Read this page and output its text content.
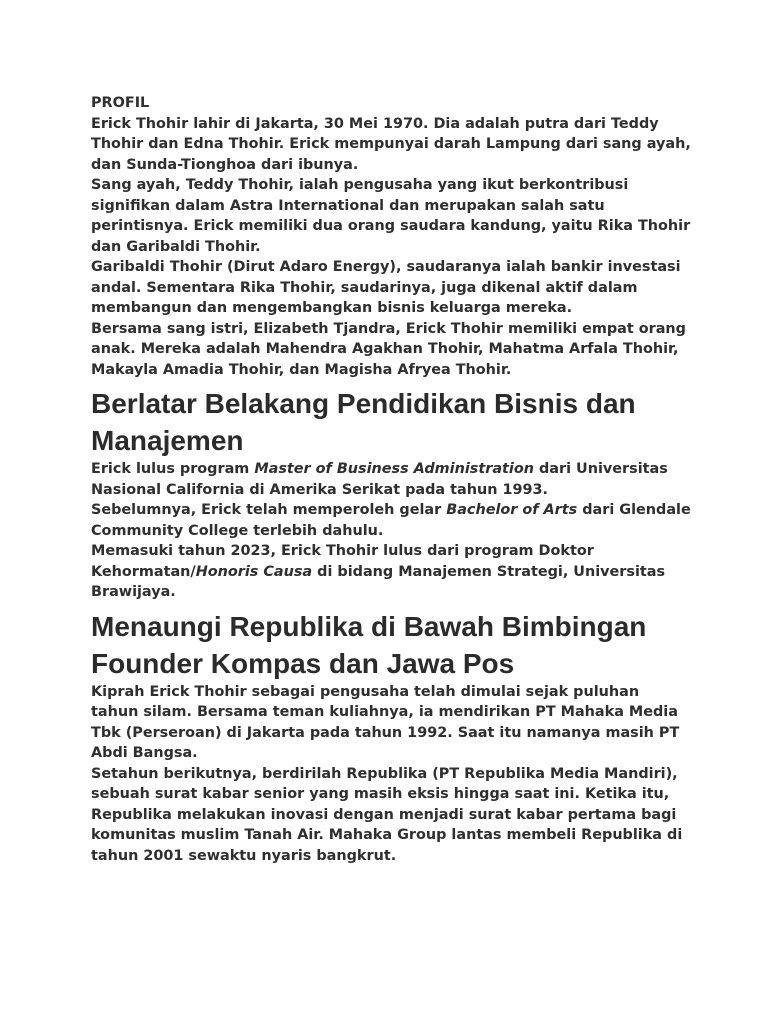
PROFIL

Erick Thohir lahir di Jakarta, 30 Mei 1970. Dia adalah putra dari Teddy Thohir dan Edna Thohir. Erick mempunyai darah Lampung dari sang ayah, dan Sunda-Tionghoa dari ibunya.

Sang ayah, Teddy Thohir, ialah pengusaha yang ikut berkontribusi signifikan dalam Astra International dan merupakan salah satu perintisnya. Erick memiliki dua orang saudara kandung, yaitu Rika Thohir dan Garibaldi Thohir.

Garibaldi Thohir (Dirut Adaro Energy), saudaranya ialah bankir investasi andal. Sementara Rika Thohir, saudarinya, juga dikenal aktif dalam membangun dan mengembangkan bisnis keluarga mereka.

Bersama sang istri, Elizabeth Tjandra, Erick Thohir memiliki empat orang anak. Mereka adalah Mahendra Agakhan Thohir, Mahatma Arfala Thohir, Makayla Amadia Thohir, dan Magisha Afryea Thohir.

Berlatar Belakang Pendidikan Bisnis dan Manajemen

Erick lulus program Master of Business Administration dari Universitas Nasional California di Amerika Serikat pada tahun 1993.

Sebelumnya, Erick telah memperoleh gelar Bachelor of Arts dari Glendale Community College terlebih dahulu.

Memasuki tahun 2023, Erick Thohir lulus dari program Doktor Kehormatan/Honoris Causa di bidang Manajemen Strategi, Universitas Brawijaya.

Menaungi Republika di Bawah Bimbingan Founder Kompas dan Jawa Pos

Kiprah Erick Thohir sebagai pengusaha telah dimulai sejak puluhan tahun silam. Bersama teman kuliahnya, ia mendirikan PT Mahaka Media Tbk (Perseroan) di Jakarta pada tahun 1992. Saat itu namanya masih PT Abdi Bangsa.

Setahun berikutnya, berdirilah Republika (PT Republika Media Mandiri), sebuah surat kabar senior yang masih eksis hingga saat ini. Ketika itu, Republika melakukan inovasi dengan menjadi surat kabar pertama bagi komunitas muslim Tanah Air. Mahaka Group lantas membeli Republika di tahun 2001 sewaktu nyaris bangkrut.
